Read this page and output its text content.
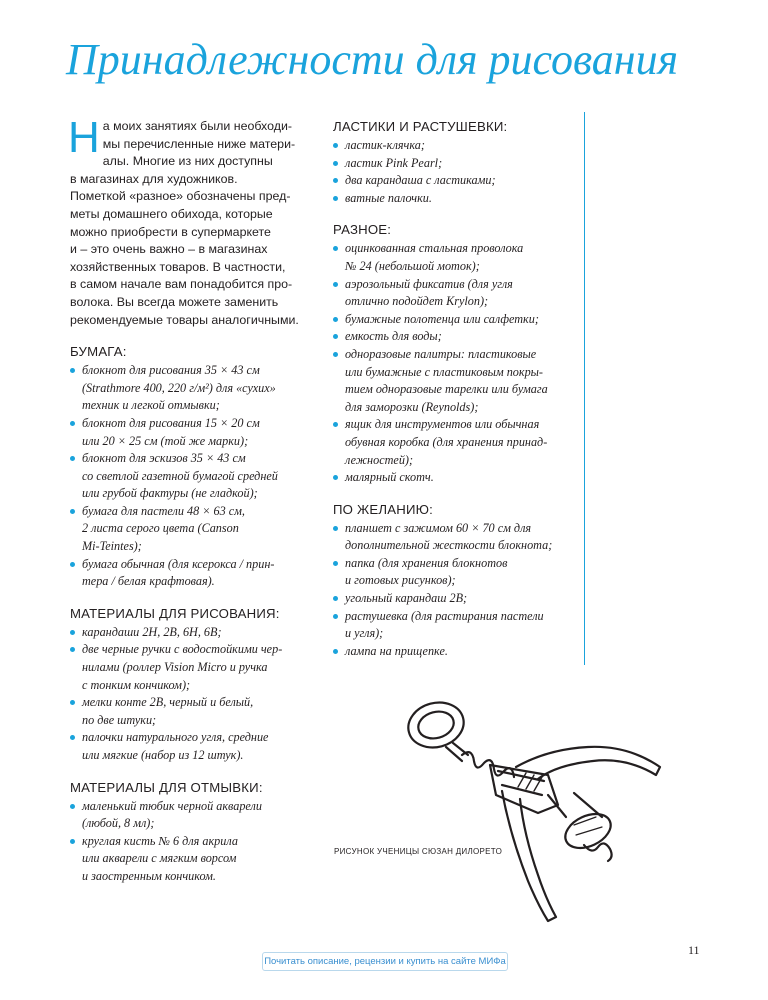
Принадлежности для рисования
Н а моих занятиях были необходи-
мы перечисленные ниже матери-
алы. Многие из них доступны
в магазинах для художников.
Пометкой «разное» обозначены пред-
меты домашнего обихода, которые
можно приобрести в супермаркете
и – это очень важно – в магазинах
хозяйственных товаров. В частности,
в самом начале вам понадобится про-
волока. Вы всегда можете заменить
рекомендуемые товары аналогичными.
БУМАГА:
блокнот для рисования 35 × 43 см
(Strathmore 400, 220 г/м²) для «сухих»
техник и легкой отмывки;
блокнот для рисования 15 × 20 см
или 20 × 25 см (той же марки);
блокнот для эскизов 35 × 43 см
со светлой газетной бумагой средней
или грубой фактуры (не гладкой);
бумага для пастели 48 × 63 см,
2 листа серого цвета (Canson
Mi-Teintes);
бумага обычная (для ксерокса / прин-
тера / белая крафтовая).
МАТЕРИАЛЫ ДЛЯ РИСОВАНИЯ:
карандаши 2H, 2B, 6H, 6B;
две черные ручки с водостойкими чер-
нилами (роллер Vision Micro и ручка
с тонким кончиком);
мелки конте 2B, черный и белый,
по две штуки;
палочки натурального угля, средние
или мягкие (набор из 12 штук).
МАТЕРИАЛЫ ДЛЯ ОТМЫВКИ:
маленький тюбик черной акварели
(любой, 8 мл);
круглая кисть № 6 для акрила
или акварели с мягким ворсом
и заостренным кончиком.
ЛАСТИКИ И РАСТУШЕВКИ:
ластик-клячка;
ластик Pink Pearl;
два карандаша с ластиками;
ватные палочки.
РАЗНОЕ:
оцинкованная стальная проволока
№ 24 (небольшой моток);
аэрозольный фиксатив (для угля
отлично подойдет Krylon);
бумажные полотенца или салфетки;
емкость для воды;
одноразовые палитры: пластиковые
или бумажные с пластиковым покры-
тием одноразовые тарелки или бумага
для заморозки (Reynolds);
ящик для инструментов или обычная
обувная коробка (для хранения принад-
лежностей);
малярный скотч.
ПО ЖЕЛАНИЮ:
планшет с зажимом 60 × 70 см для
дополнительной жесткости блокнота;
папка (для хранения блокнотов
и готовых рисунков);
угольный карандаш 2B;
растушевка (для растирания пастели
и угля);
лампа на прищепке.
РИСУНОК УЧЕНИЦЫ СЮЗАН ДИЛОРЕТО
11
Почитать описание, рецензии и купить на сайте МИФа
